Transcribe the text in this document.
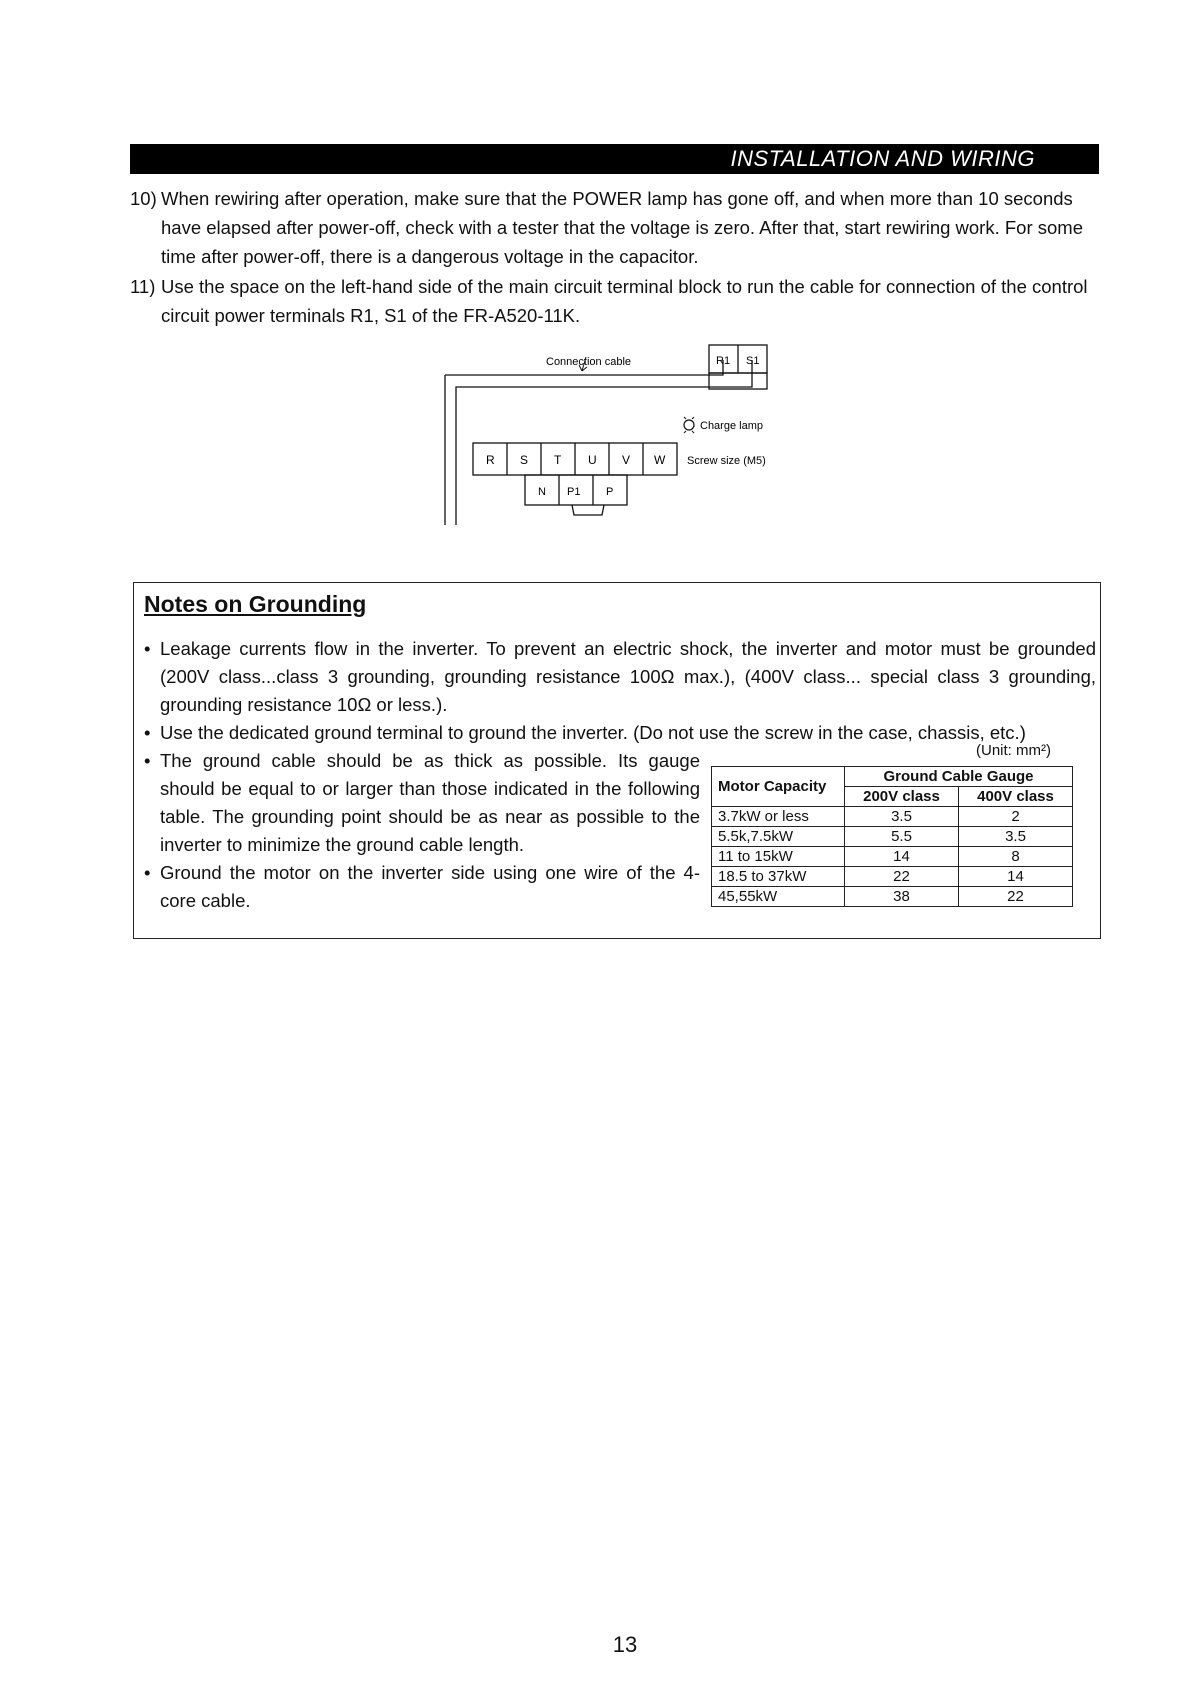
INSTALLATION AND WIRING
10) When rewiring after operation, make sure that the POWER lamp has gone off, and when more than 10 seconds have elapsed after power-off, check with a tester that the voltage is zero. After that, start rewiring work. For some time after power-off, there is a dangerous voltage in the capacitor.
11) Use the space on the left-hand side of the main circuit terminal block to run the cable for connection of the control circuit power terminals R1, S1 of the FR-A520-11K.
Connection cable	R1 S1
Charge lamp
R S T U V W Screw size (M5)
N P1 P
Notes on Grounding
• Leakage currents flow in the inverter. To prevent an electric shock, the inverter and motor must be grounded (200V class...class 3 grounding, grounding resistance 100Ω max.), (400V class... special class 3 grounding, grounding resistance 10Ω or less.).
• Use the dedicated ground terminal to ground the inverter. (Do not use the screw in the case, chassis, etc.)
• The ground cable should be as thick as possible. Its gauge should be equal to or larger than those indicated in the following table. The grounding point should be as near as possible to the inverter to minimize the ground cable length.
• Ground the motor on the inverter side using one wire of the 4-core cable.
(Unit: mm²)
Motor Capacity	Ground Cable Gauge	
	200V class	400V class
3.7kW or less	3.5	2
5.5k,7.5kW	5.5	3.5
11 to 15kW	14	8
18.5 to 37kW	22	14
45,55kW	38	22
13
